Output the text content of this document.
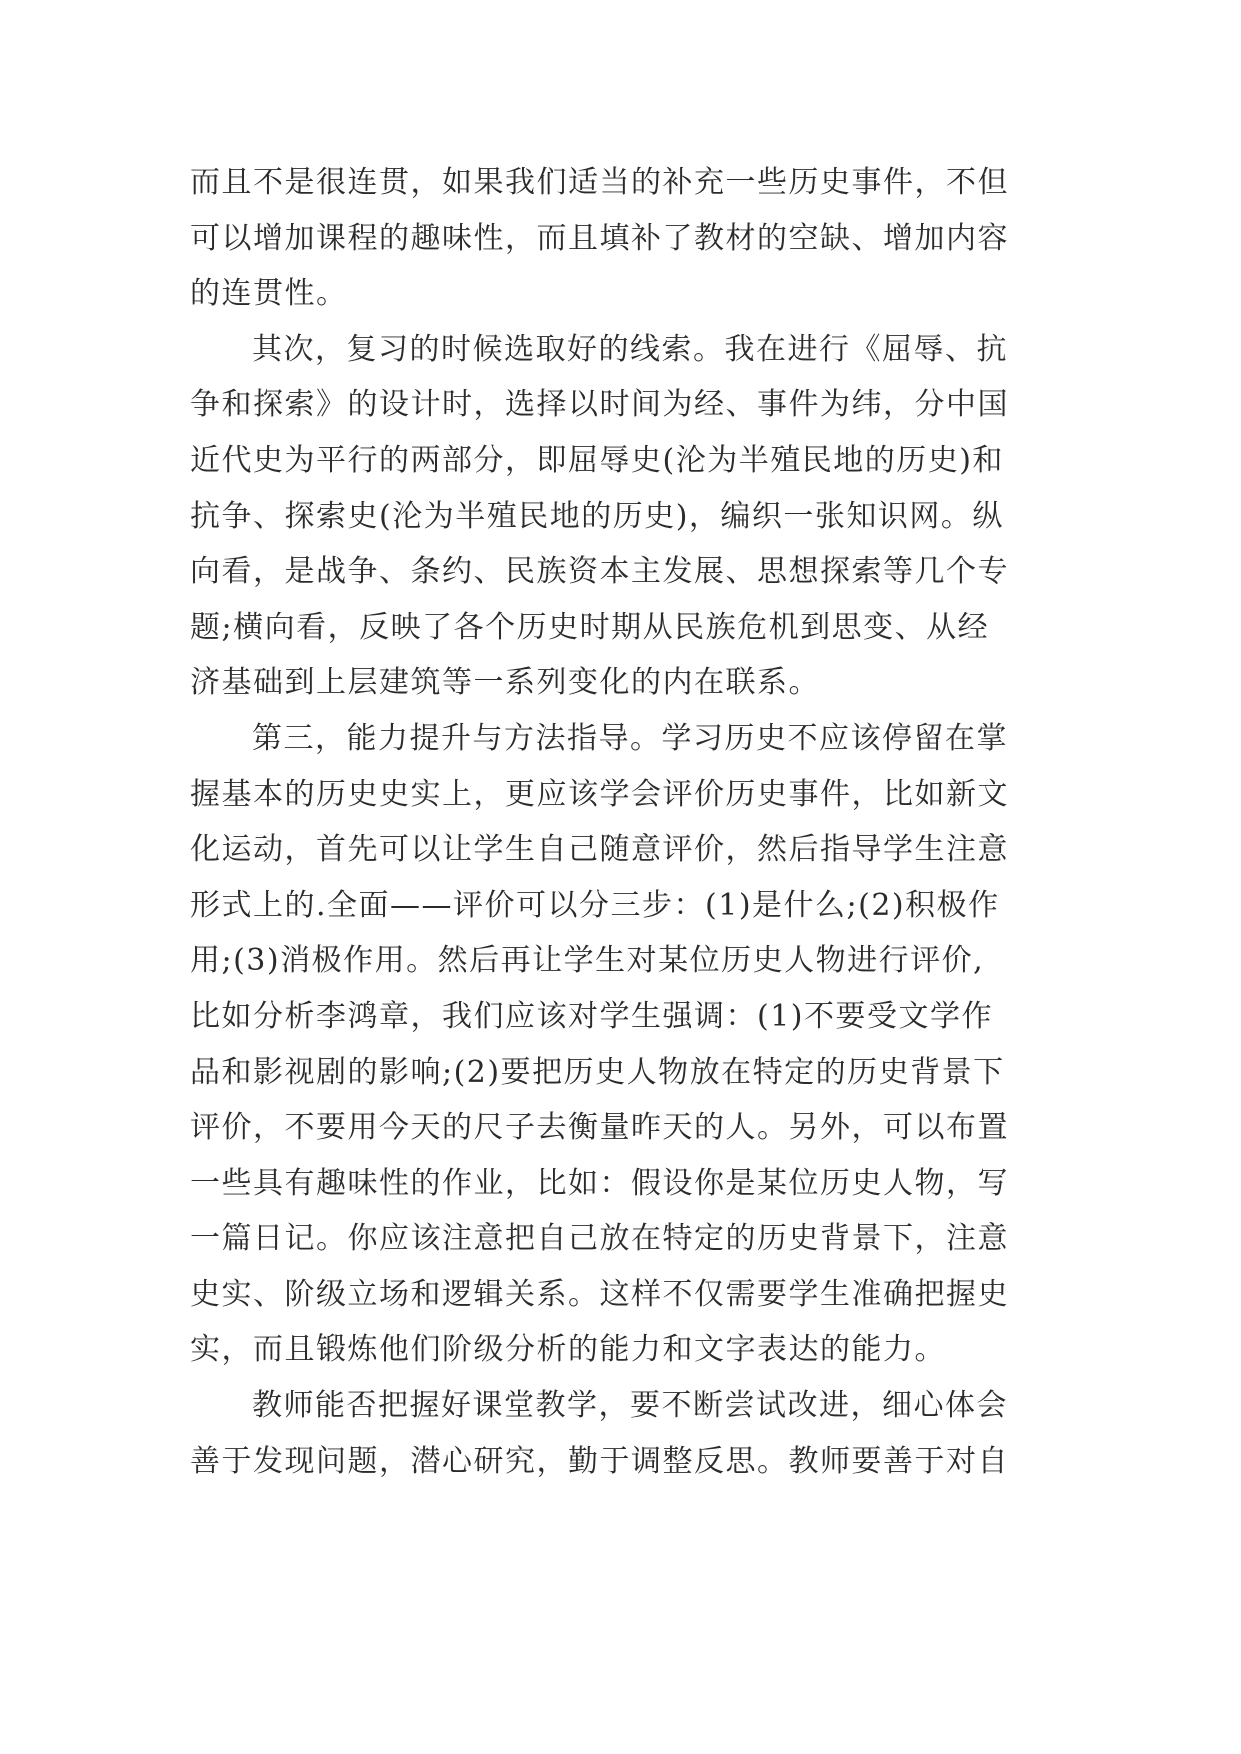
而且不是很连贯，如果我们适当的补充一些历史事件，不但
可以增加课程的趣味性，而且填补了教材的空缺、增加内容
的连贯性。
其次，复习的时候选取好的线索。我在进行《屈辱、抗
争和探索》的设计时，选择以时间为经、事件为纬，分中国
近代史为平行的两部分，即屈辱史(沦为半殖民地的历史)和
抗争、探索史(沦为半殖民地的历史)，编织一张知识网。纵
向看，是战争、条约、民族资本主发展、思想探索等几个专
题;横向看，反映了各个历史时期从民族危机到思变、从经
济基础到上层建筑等一系列变化的内在联系。
第三，能力提升与方法指导。学习历史不应该停留在掌
握基本的历史史实上，更应该学会评价历史事件，比如新文
化运动，首先可以让学生自己随意评价，然后指导学生注意
形式上的.全面——评价可以分三步：(1)是什么;(2)积极作
用;(3)消极作用。然后再让学生对某位历史人物进行评价,
比如分析李鸿章，我们应该对学生强调：(1)不要受文学作
品和影视剧的影响;(2)要把历史人物放在特定的历史背景下
评价，不要用今天的尺子去衡量昨天的人。另外，可以布置
一些具有趣味性的作业，比如：假设你是某位历史人物，写
一篇日记。你应该注意把自己放在特定的历史背景下，注意
史实、阶级立场和逻辑关系。这样不仅需要学生准确把握史
实，而且锻炼他们阶级分析的能力和文字表达的能力。
教师能否把握好课堂教学，要不断尝试改进，细心体会
善于发现问题，潜心研究，勤于调整反思。教师要善于对自
